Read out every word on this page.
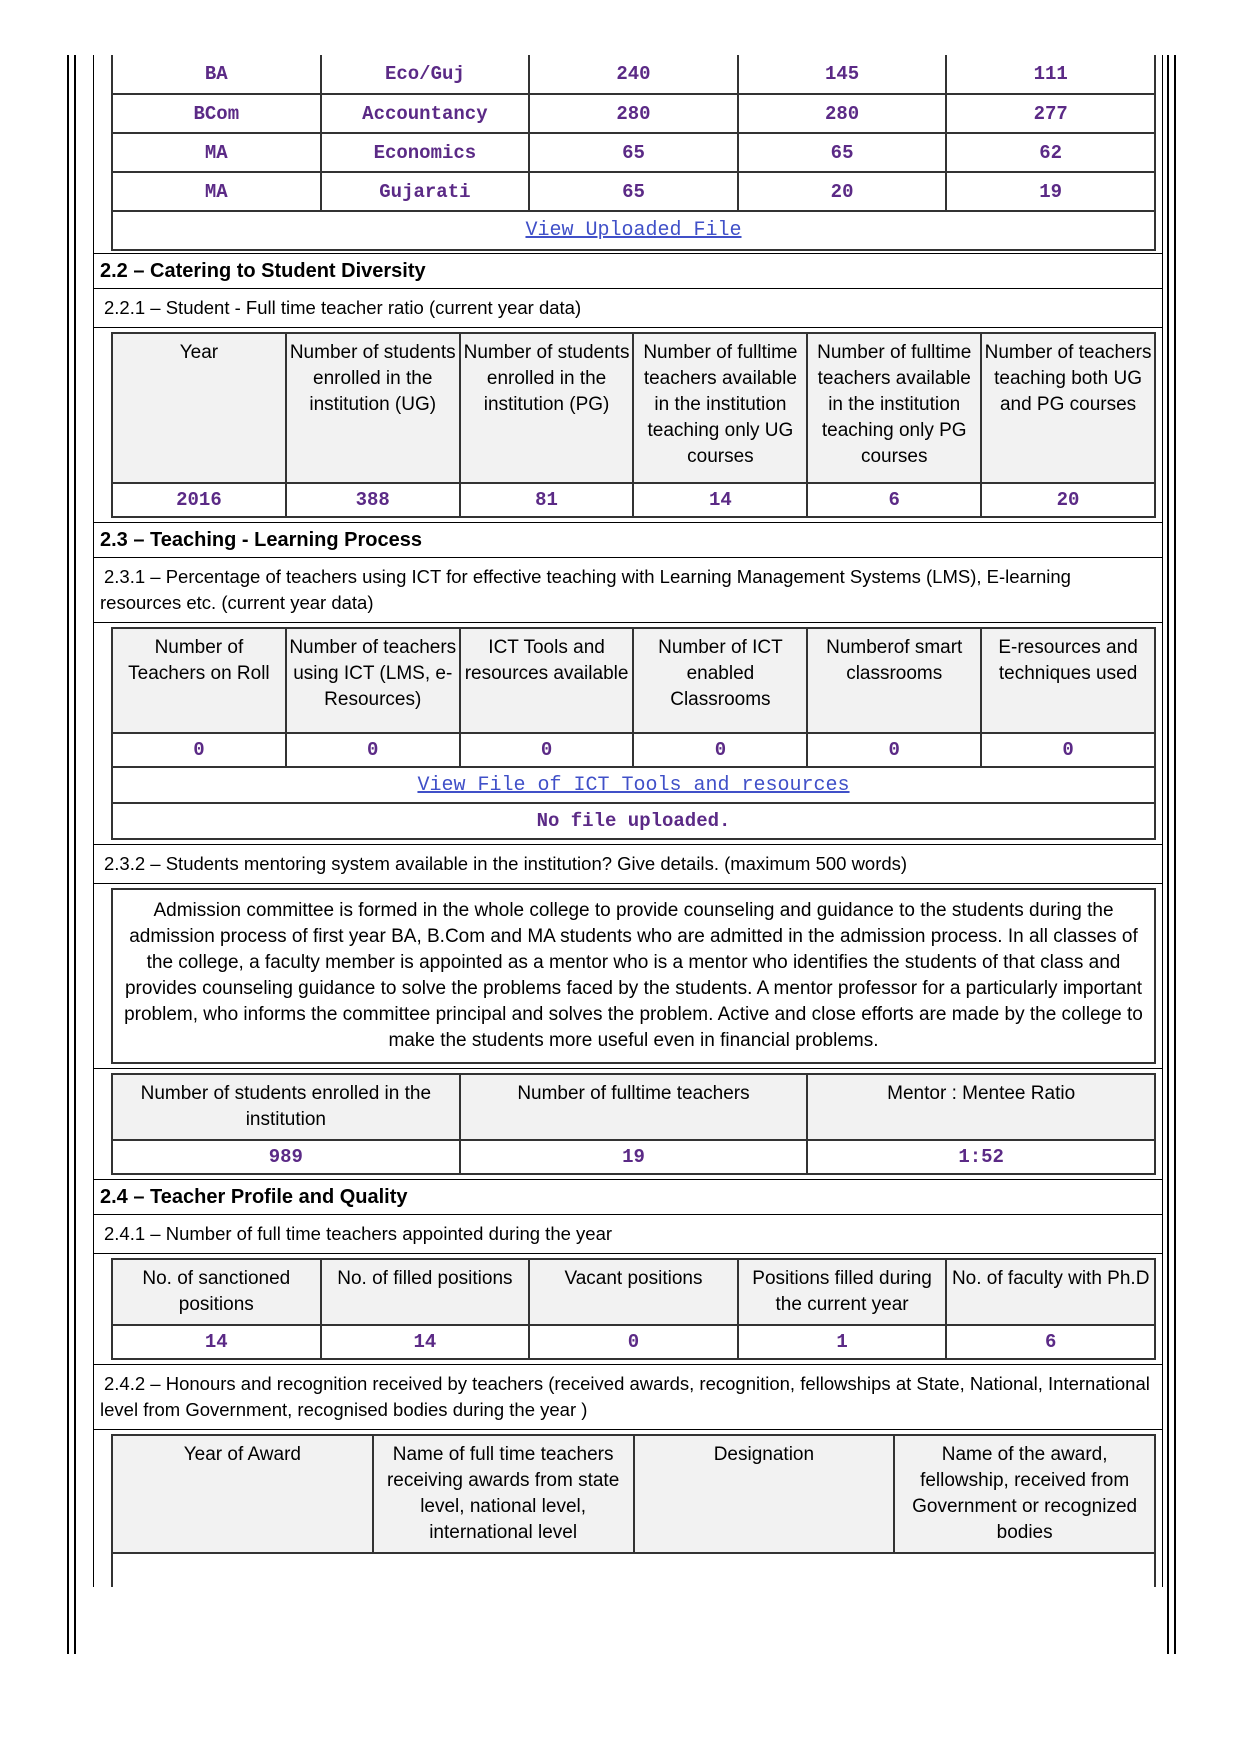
BA	Eco/Guj	240	145	111
BCom	Accountancy	280	280	277
MA	Economics	65	65	62
MA	Gujarati	65	20	19
View Uploaded File				
2.2 – Catering to Student Diversity
2.2.1 – Student - Full time teacher ratio (current year data)
Year	Number of students enrolled in the institution (UG)	Number of students enrolled in the institution (PG)	Number of fulltime teachers available in the institution teaching only UG courses	Number of fulltime teachers available in the institution teaching only PG courses	Number of teachers teaching both UG and PG courses
2016	388	81	14	6	20
2.3 – Teaching - Learning Process
2.3.1 – Percentage of teachers using ICT for effective teaching with Learning Management Systems (LMS), E-learning resources etc. (current year data)
Number of Teachers on Roll	Number of teachers using ICT (LMS, e-Resources)	ICT Tools and resources available	Number of ICT enabled Classrooms	Numberof smart classrooms	E-resources and techniques used
0	0	0	0	0	0
View File of ICT Tools and resources					
No file uploaded.					
2.3.2 – Students mentoring system available in the institution? Give details. (maximum 500 words)
Admission committee is formed in the whole college to provide counseling and guidance to the students during the admission process of first year BA, B.Com and MA students who are admitted in the admission process. In all classes of the college, a faculty member is appointed as a mentor who is a mentor who identifies the students of that class and provides counseling guidance to solve the problems faced by the students. A mentor professor for a particularly important problem, who informs the committee principal and solves the problem. Active and close efforts are made by the college to make the students more useful even in financial problems.
Number of students enrolled in the institution	Number of fulltime teachers	Mentor : Mentee Ratio
989	19	1:52
2.4 – Teacher Profile and Quality
2.4.1 – Number of full time teachers appointed during the year
No. of sanctioned positions	No. of filled positions	Vacant positions	Positions filled during the current year	No. of faculty with Ph.D
14	14	0	1	6
2.4.2 – Honours and recognition received by teachers (received awards, recognition, fellowships at State, National, International level from Government, recognised bodies during the year )
Year of Award	Name of full time teachers receiving awards from state level, national level, international level	Designation	Name of the award, fellowship, received from Government or recognized bodies
